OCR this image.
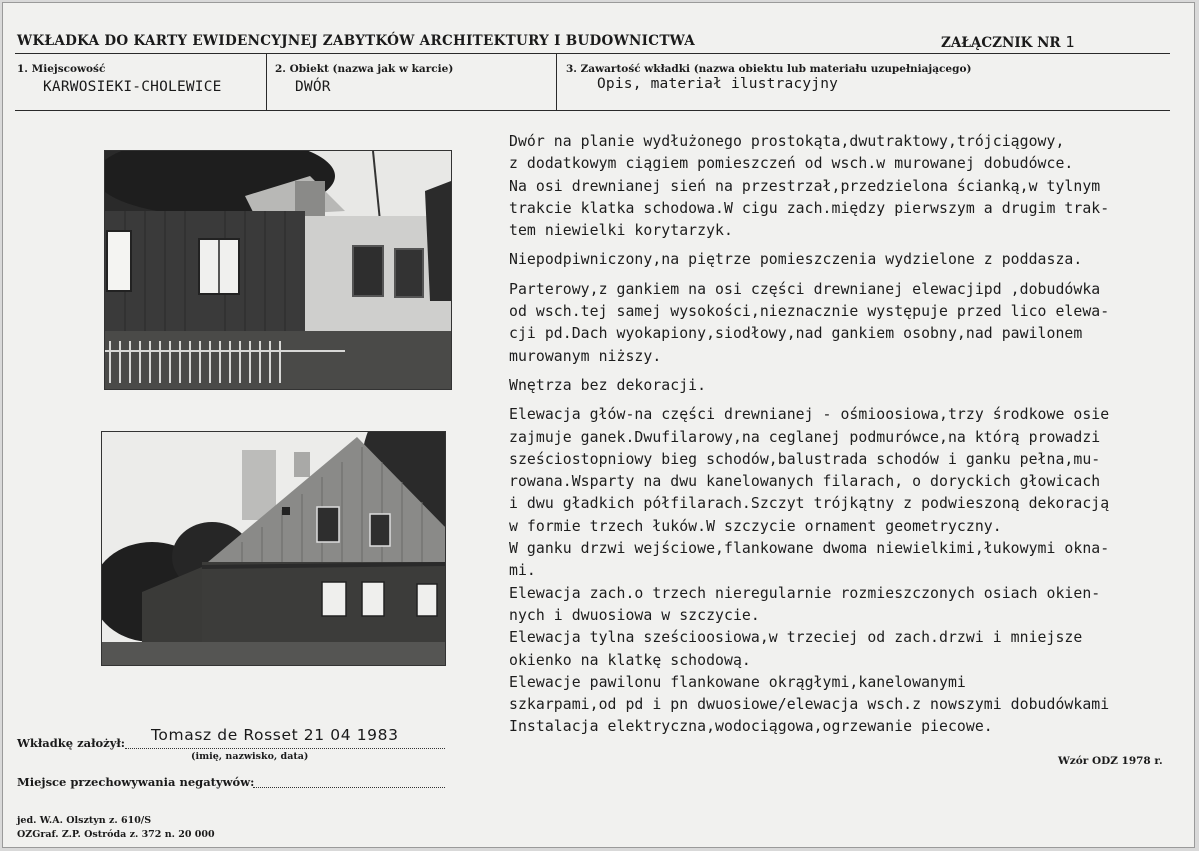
WKŁADKA DO KARTY EWIDENCYJNEJ ZABYTKÓW ARCHITEKTURY I BUDOWNICTWA	ZAŁĄCZNIK NR 1
1. Miejscowość
KARWOSIEKI-CHOLEWICE
2. Obiekt (nazwa jak w karcie)
DWÓR
3. Zawartość wkładki (nazwa obiektu lub materiału uzupełniającego)
Opis, materiał ilustracyjny
Dwór na planie wydłużonego prostokąta,dwutraktowy,trójciągowy,
z dodatkowym ciągiem pomieszczeń od wsch.w murowanej dobudówce.
Na osi drewnianej sień na przestrzał,przedzielona ścianką,w tylnym
trakcie klatka schodowa.W cigu zach.między pierwszym a drugim trak-
tem niewielki korytarzyk.
Niepodpiwniczony,na piętrze pomieszczenia wydzielone z poddasza.
Parterowy,z gankiem na osi części drewnianej elewacjipd ,dobudówka
od wsch.tej samej wysokości,nieznacznie występuje przed lico elewa-
cji pd.Dach wyokapiony,siodłowy,nad gankiem osobny,nad pawilonem
murowanym niższy.
Wnętrza bez dekoracji.
Elewacja głów-na części drewnianej - ośmioosiowa,trzy środkowe osie
zajmuje ganek.Dwufilarowy,na ceglanej podmurówce,na którą prowadzi
sześciostopniowy bieg schodów,balustrada schodów i ganku pełna,mu-
rowana.Wsparty na dwu kanelowanych filarach, o doryckich głowicach
i dwu gładkich półfilarach.Szczyt trójkątny z podwieszoną dekoracją
w formie trzech łuków.W szczycie ornament geometryczny.
W ganku drzwi wejściowe,flankowane dwoma niewielkimi,łukowymi okna-
mi.
Elewacja zach.o trzech nieregularnie rozmieszczonych osiach okien-
nych i dwuosiowa w szczycie.
Elewacja tylna sześcioosiowa,w trzeciej od zach.drzwi i mniejsze
okienko na klatkę schodową.
Elewacje pawilonu flankowane okrągłymi,kanelowanymi
szkarpami,od pd i pn dwuosiowe/elewacja wsch.z nowszymi dobudówkami
Instalacja elektryczna,wodociągowa,ogrzewanie piecowe.
Wkładkę założył: Tomasz de Rosset 21 04 1983
(imię, nazwisko, data)
Miejsce przechowywania negatywów:
Wzór ODZ 1978 r.
jed. W.A. Olsztyn z. 610/S
OZGraf. Z.P. Ostróda z. 372 n. 20 000
